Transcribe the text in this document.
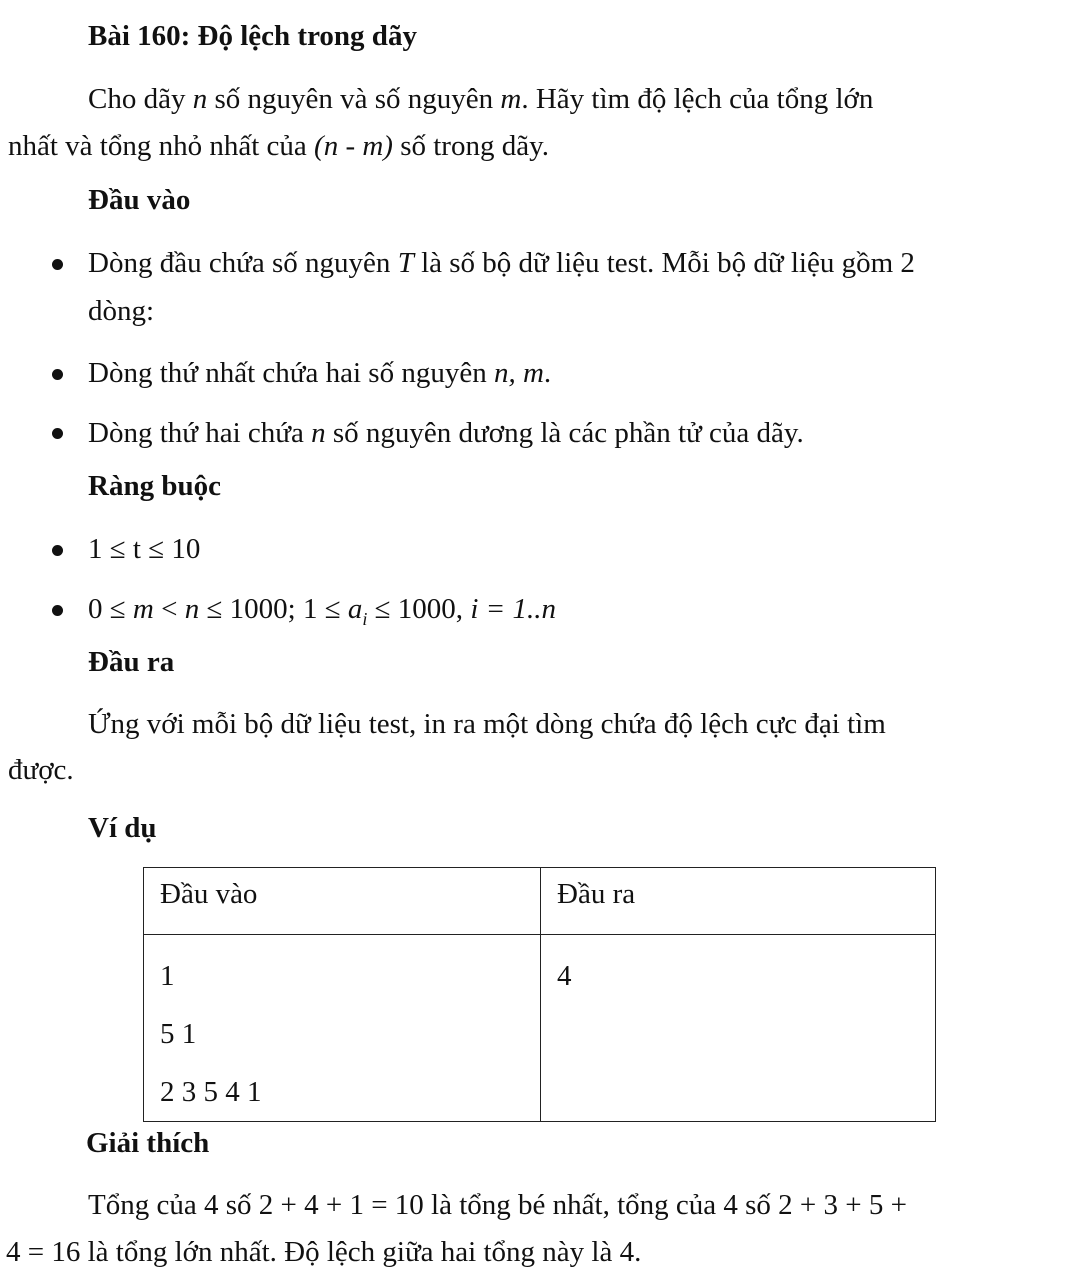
Bài 160: Độ lệch trong dãy
Cho dãy n số nguyên và số nguyên m. Hãy tìm độ lệch của tổng lớn
nhất và tổng nhỏ nhất của (n - m) số trong dãy.
Đầu vào
Dòng đầu chứa số nguyên T là số bộ dữ liệu test. Mỗi bộ dữ liệu gồm 2
dòng:
Dòng thứ nhất chứa hai số nguyên n, m.
Dòng thứ hai chứa n số nguyên dương là các phần tử của dãy.
Ràng buộc
1 ≤ t ≤ 10
0 ≤ m < n ≤ 1000; $1 \le a_i \le 1000$, i = 1..n
Đầu ra
Ứng với mỗi bộ dữ liệu test, in ra một dòng chứa độ lệch cực đại tìm
được.
Ví dụ
Đầu vào	Đầu ra

1
5 1
2 3 5 4 1	4
Giải thích
Tổng của 4 số 2 + 4 + 1 = 10 là tổng bé nhất, tổng của 4 số 2 + 3 + 5 +
4 = 16 là tổng lớn nhất. Độ lệch giữa hai tổng này là 4.
